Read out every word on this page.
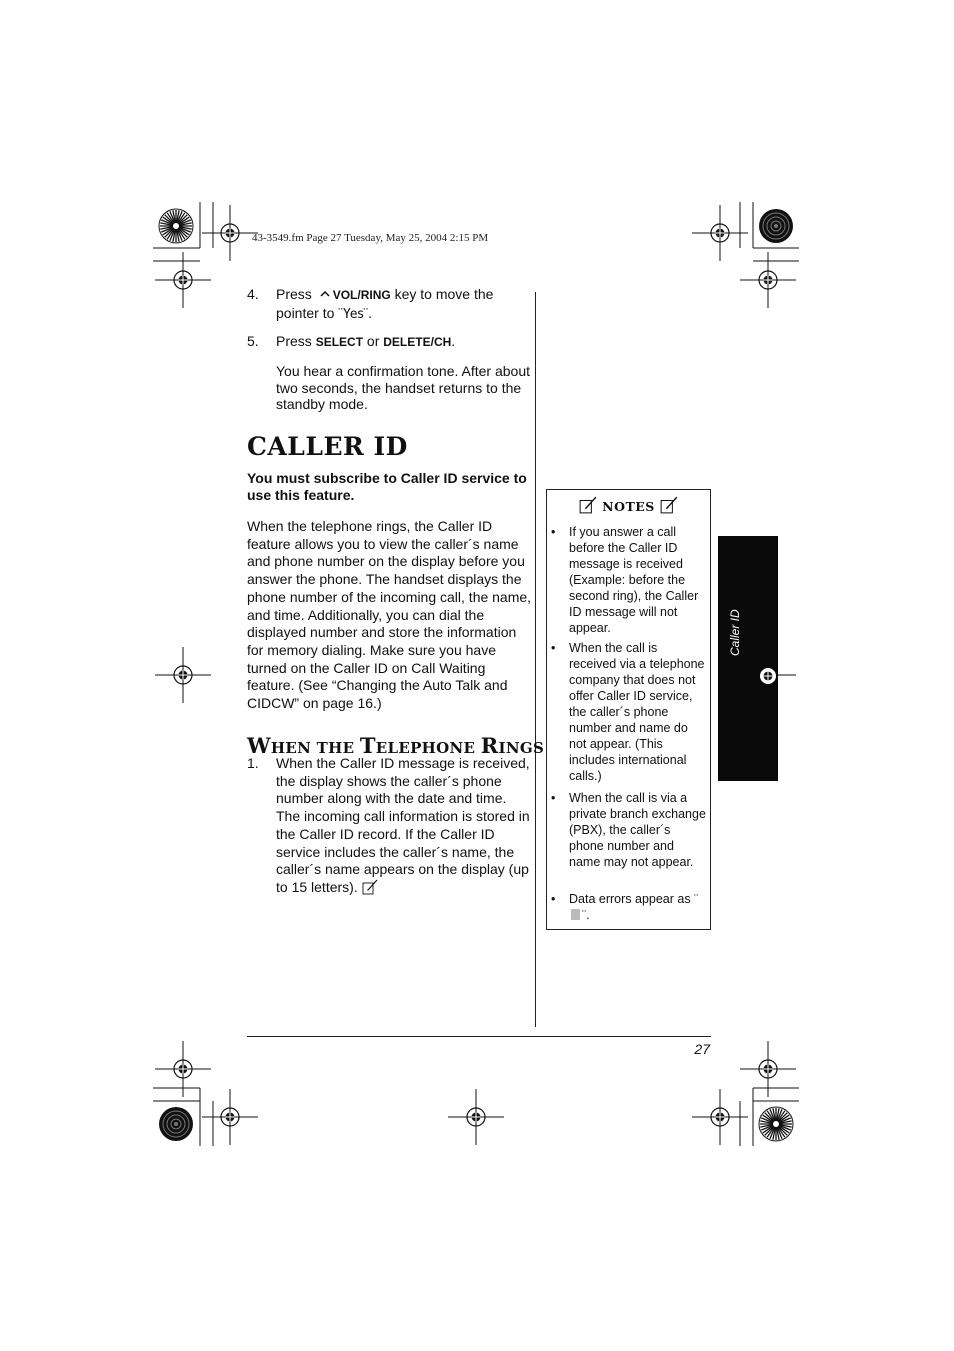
43-3549.fm Page 27 Tuesday, May 25, 2004 2:15 PM
4. Press VOL/RING key to move the pointer to ¨Yes¨.
5. Press SELECT or DELETE/CH.
You hear a confirmation tone. After about two seconds, the handset returns to the standby mode.
CALLER ID
You must subscribe to Caller ID service to use this feature.
When the telephone rings, the Caller ID feature allows you to view the caller´s name and phone number on the display before you answer the phone. The handset displays the phone number of the incoming call, the name, and time. Additionally, you can dial the displayed number and store the information for memory dialing. Make sure you have turned on the Caller ID on Call Waiting feature. (See “Changing the Auto Talk and CIDCW” on page 16.)
WHEN THE TELEPHONE RINGS
1. When the Caller ID message is received, the display shows the caller´s phone number along with the date and time. The incoming call information is stored in the Caller ID record. If the Caller ID service includes the caller´s name, the caller´s name appears on the display (up to 15 letters).
NOTES
• If you answer a call before the Caller ID message is received (Example: before the second ring), the Caller ID message will not appear.
• When the call is received via a telephone company that does not offer Caller ID service, the caller´s phone number and name do not appear. (This includes international calls.)
• When the call is via a private branch exchange (PBX), the caller´s phone number and name may not appear.
• Data errors appear as ¨¨.
Caller ID
27
